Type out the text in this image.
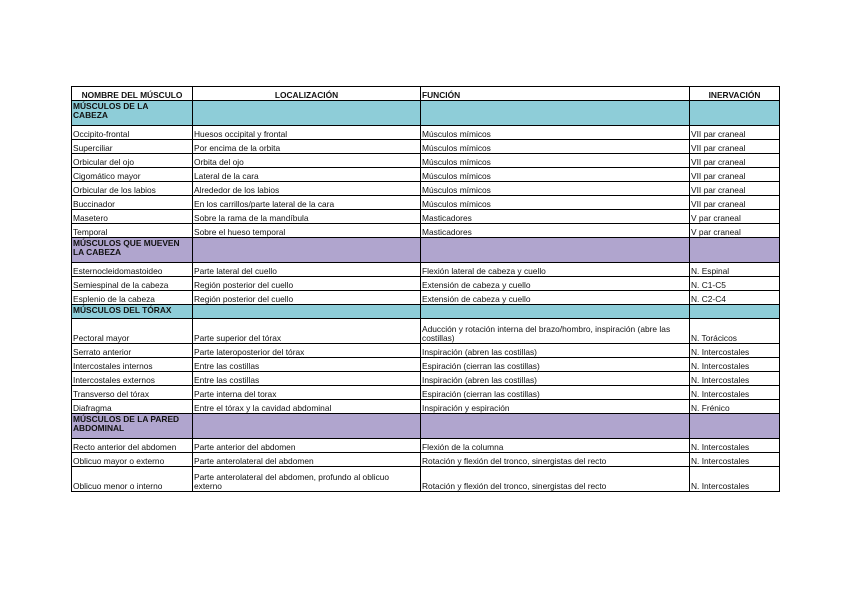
NOMBRE DEL MÚSCULO	LOCALIZACIÓN	FUNCIÓN	INERVACIÓN
MÚSCULOS DE LA
CABEZA			
Occipito-frontal	Huesos occipital y frontal	Músculos mímicos	VII par craneal
Superciliar	Por encima de la orbita	Músculos mímicos	VII par craneal
Orbicular del ojo	Orbita del ojo	Músculos mímicos	VII par craneal
Cigomático mayor	Lateral de la cara	Músculos mímicos	VII par craneal
Orbicular de los labios	Alrededor de los labios	Músculos mímicos	VII par craneal
Buccinador	En los carrillos/parte lateral de la cara	Músculos mímicos	VII par craneal
Masetero	Sobre la rama de la mandíbula	Masticadores	V par craneal
Temporal	Sobre el hueso temporal	Masticadores	V par craneal
MÚSCULOS QUE MUEVEN
LA CABEZA			
Esternocleidomastoideo	Parte lateral del cuello	Flexión lateral de cabeza y cuello	N. Espinal
Semiespinal de la cabeza	Región posterior del cuello	Extensión de cabeza y cuello	N. C1-C5
Esplenio de la cabeza	Región posterior del cuello	Extensión de cabeza y cuello	N. C2-C4
MÚSCULOS DEL TÓRAX			
Pectoral mayor	Parte superior del tórax	Aducción y rotación interna del brazo/hombro, inspiración (abre las costillas)	N. Torácicos
Serrato anterior	Parte lateroposterior del tórax	Inspiración (abren las costillas)	N. Intercostales
Intercostales internos	Entre las costillas	Espiración (cierran las costillas)	N. Intercostales
Intercostales externos	Entre las costillas	Inspiración (abren las costillas)	N. Intercostales
Transverso del tórax	Parte interna del torax	Espiración (cierran las costillas)	N. Intercostales
Diafragma	Entre el tórax y la cavidad abdominal	Inspiración y espiración	N. Frénico
MÚSCULOS DE LA PARED
ABDOMINAL			
Recto anterior del abdomen	Parte anterior del abdomen	Flexión de la columna	N. Intercostales
Oblicuo mayor o externo	Parte anterolateral del abdomen	Rotación y flexión del tronco, sinergistas del recto	N. Intercostales
Oblicuo menor o interno	Parte anterolateral del abdomen, profundo al oblicuo externo	Rotación y flexión del tronco, sinergistas del recto	N. Intercostales
